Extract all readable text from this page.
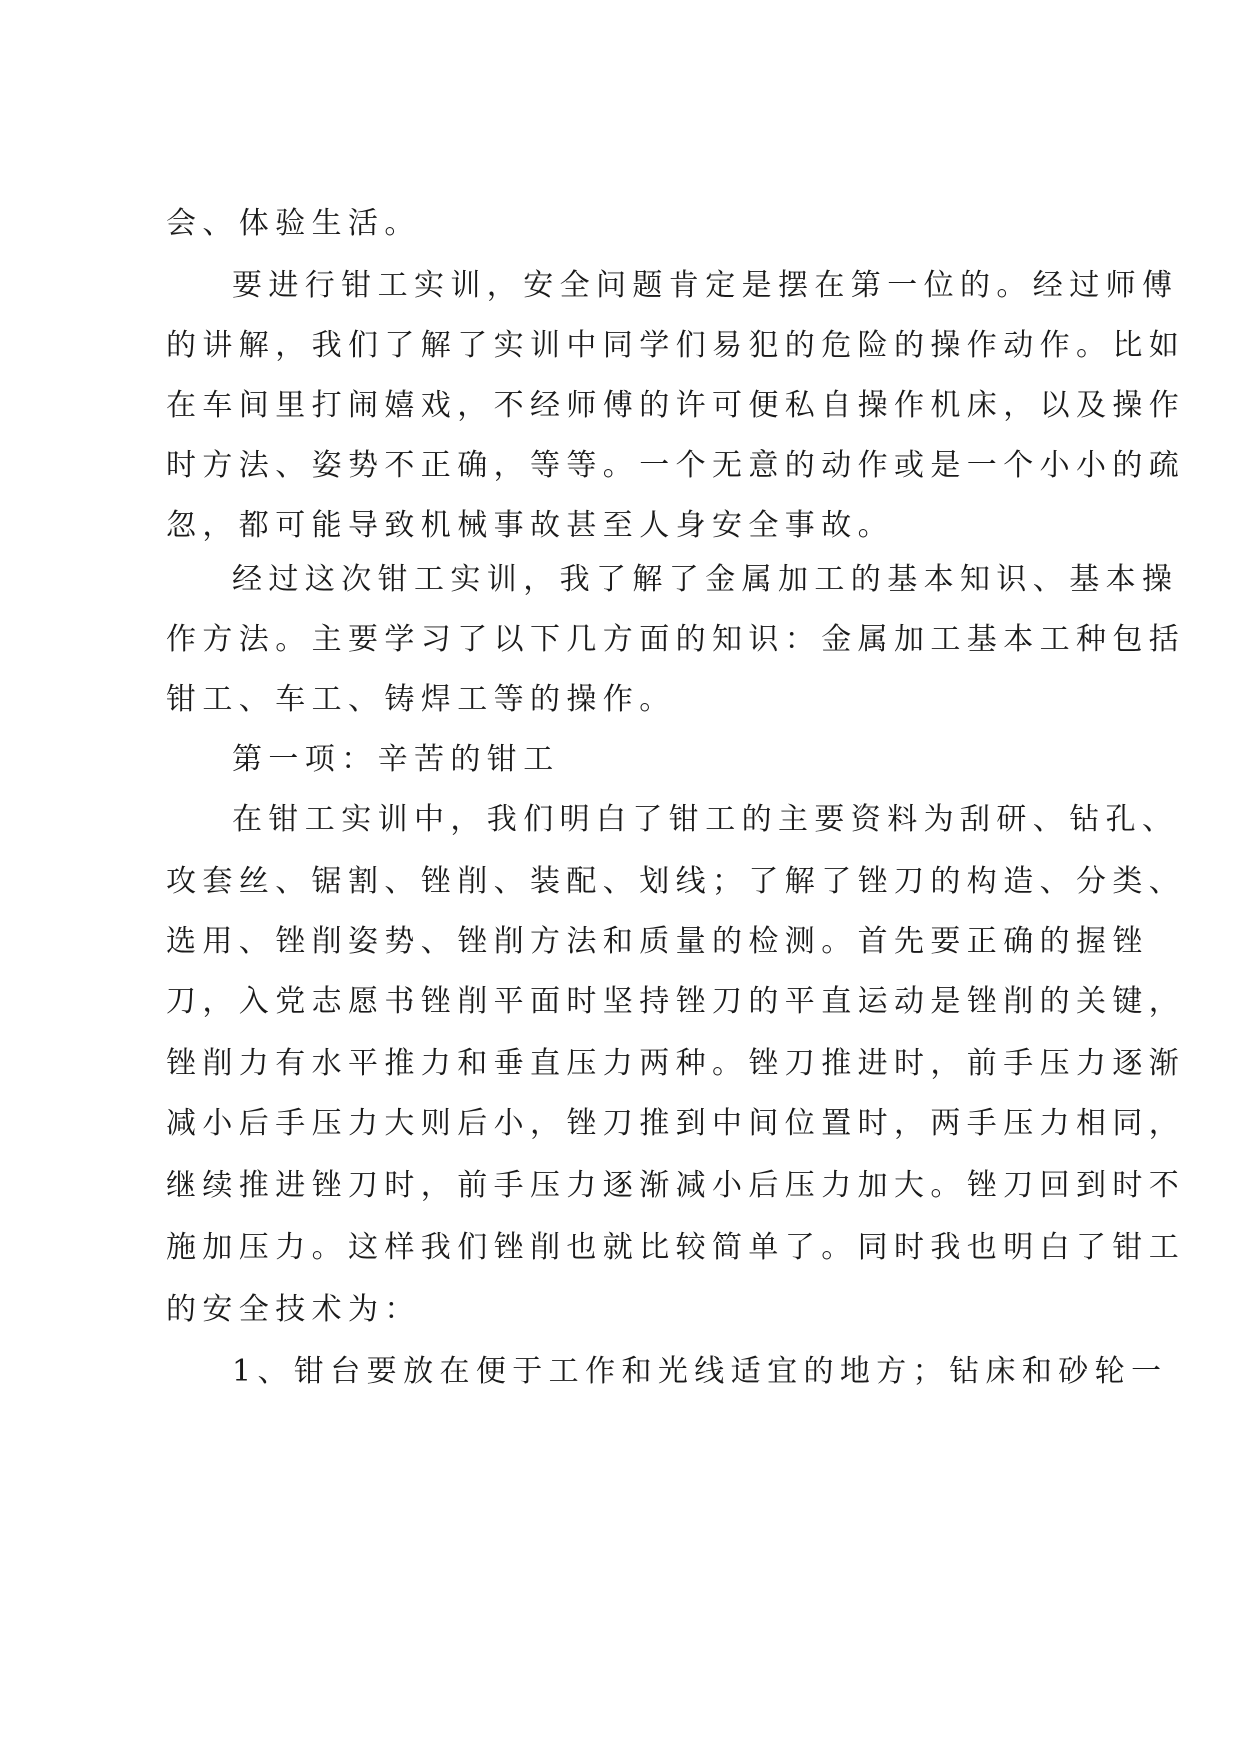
会、体验生活。

要进行钳工实训，安全问题肯定是摆在第一位的。经过师傅

的讲解，我们了解了实训中同学们易犯的危险的操作动作。比如

在车间里打闹嬉戏，不经师傅的许可便私自操作机床，以及操作

时方法、姿势不正确，等等。一个无意的动作或是一个小小的疏

忽，都可能导致机械事故甚至人身安全事故。

经过这次钳工实训，我了解了金属加工的基本知识、基本操

作方法。主要学习了以下几方面的知识：金属加工基本工种包括

钳工、车工、铸焊工等的操作。

第一项：辛苦的钳工

在钳工实训中，我们明白了钳工的主要资料为刮研、钻孔、

攻套丝、锯割、锉削、装配、划线；了解了锉刀的构造、分类、

选用、锉削姿势、锉削方法和质量的检测。首先要正确的握锉

刀，入党志愿书锉削平面时坚持锉刀的平直运动是锉削的关键，

锉削力有水平推力和垂直压力两种。锉刀推进时，前手压力逐渐

减小后手压力大则后小，锉刀推到中间位置时，两手压力相同，

继续推进锉刀时，前手压力逐渐减小后压力加大。锉刀回到时不

施加压力。这样我们锉削也就比较简单了。同时我也明白了钳工

的安全技术为：

1、钳台要放在便于工作和光线适宜的地方；钻床和砂轮一
